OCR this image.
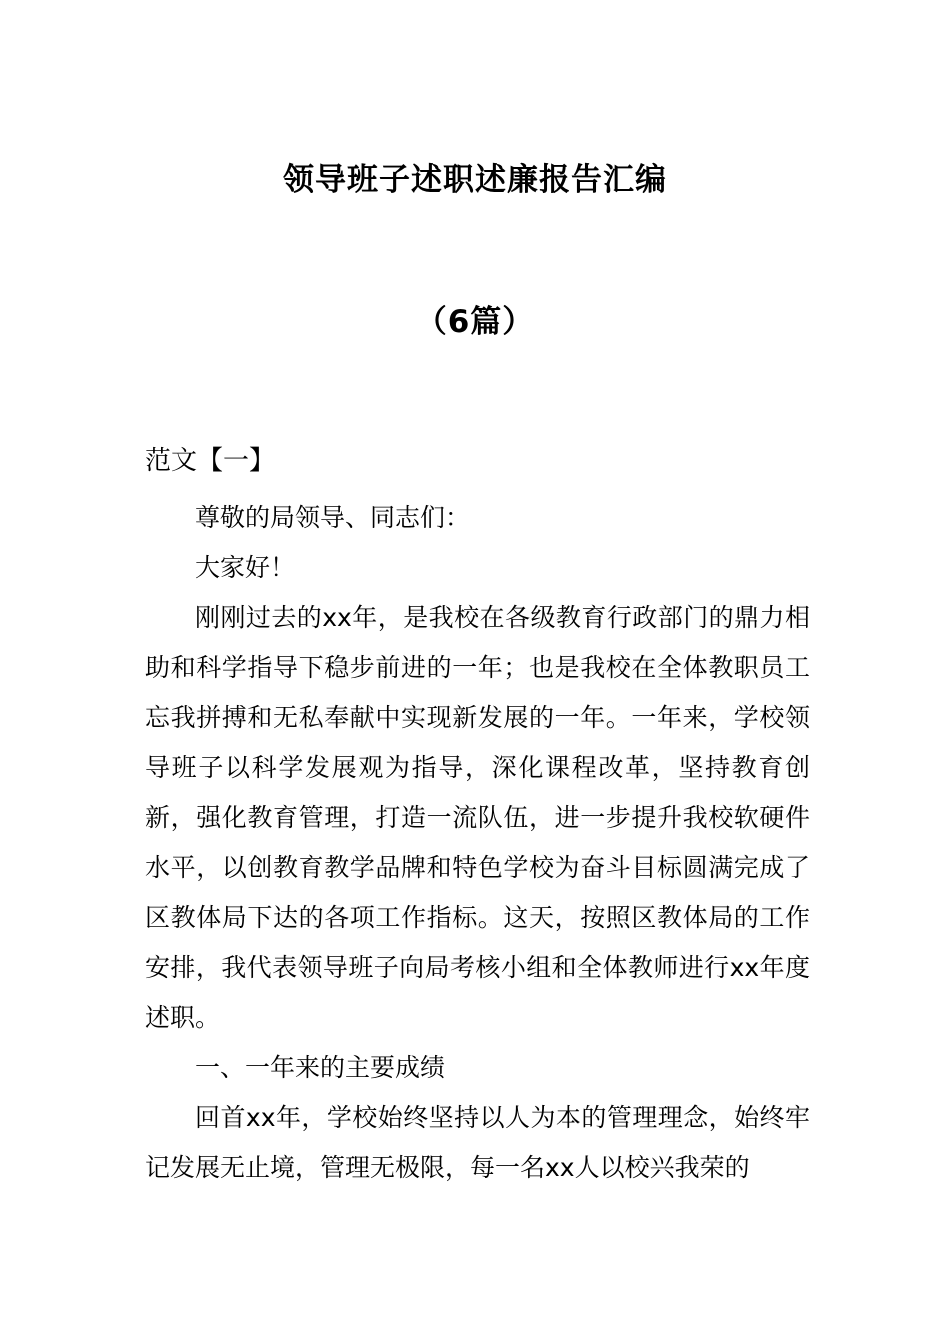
领导班子述职述廉报告汇编
（6篇）
范文【一】

尊敬的局领导、同志们：

大家好！

刚刚过去的xx年，是我校在各级教育行政部门的鼎力相助和科学指导下稳步前进的一年；也是我校在全体教职员工忘我拼搏和无私奉献中实现新发展的一年。一年来，学校领导班子以科学发展观为指导，深化课程改革，坚持教育创新，强化教育管理，打造一流队伍，进一步提升我校软硬件水平，以创教育教学品牌和特色学校为奋斗目标圆满完成了区教体局下达的各项工作指标。这天，按照区教体局的工作安排，我代表领导班子向局考核小组和全体教师进行xx年度述职。

一、一年来的主要成绩

回首xx年，学校始终坚持以人为本的管理理念，始终牢记发展无止境，管理无极限，每一名xx人以校兴我荣的
